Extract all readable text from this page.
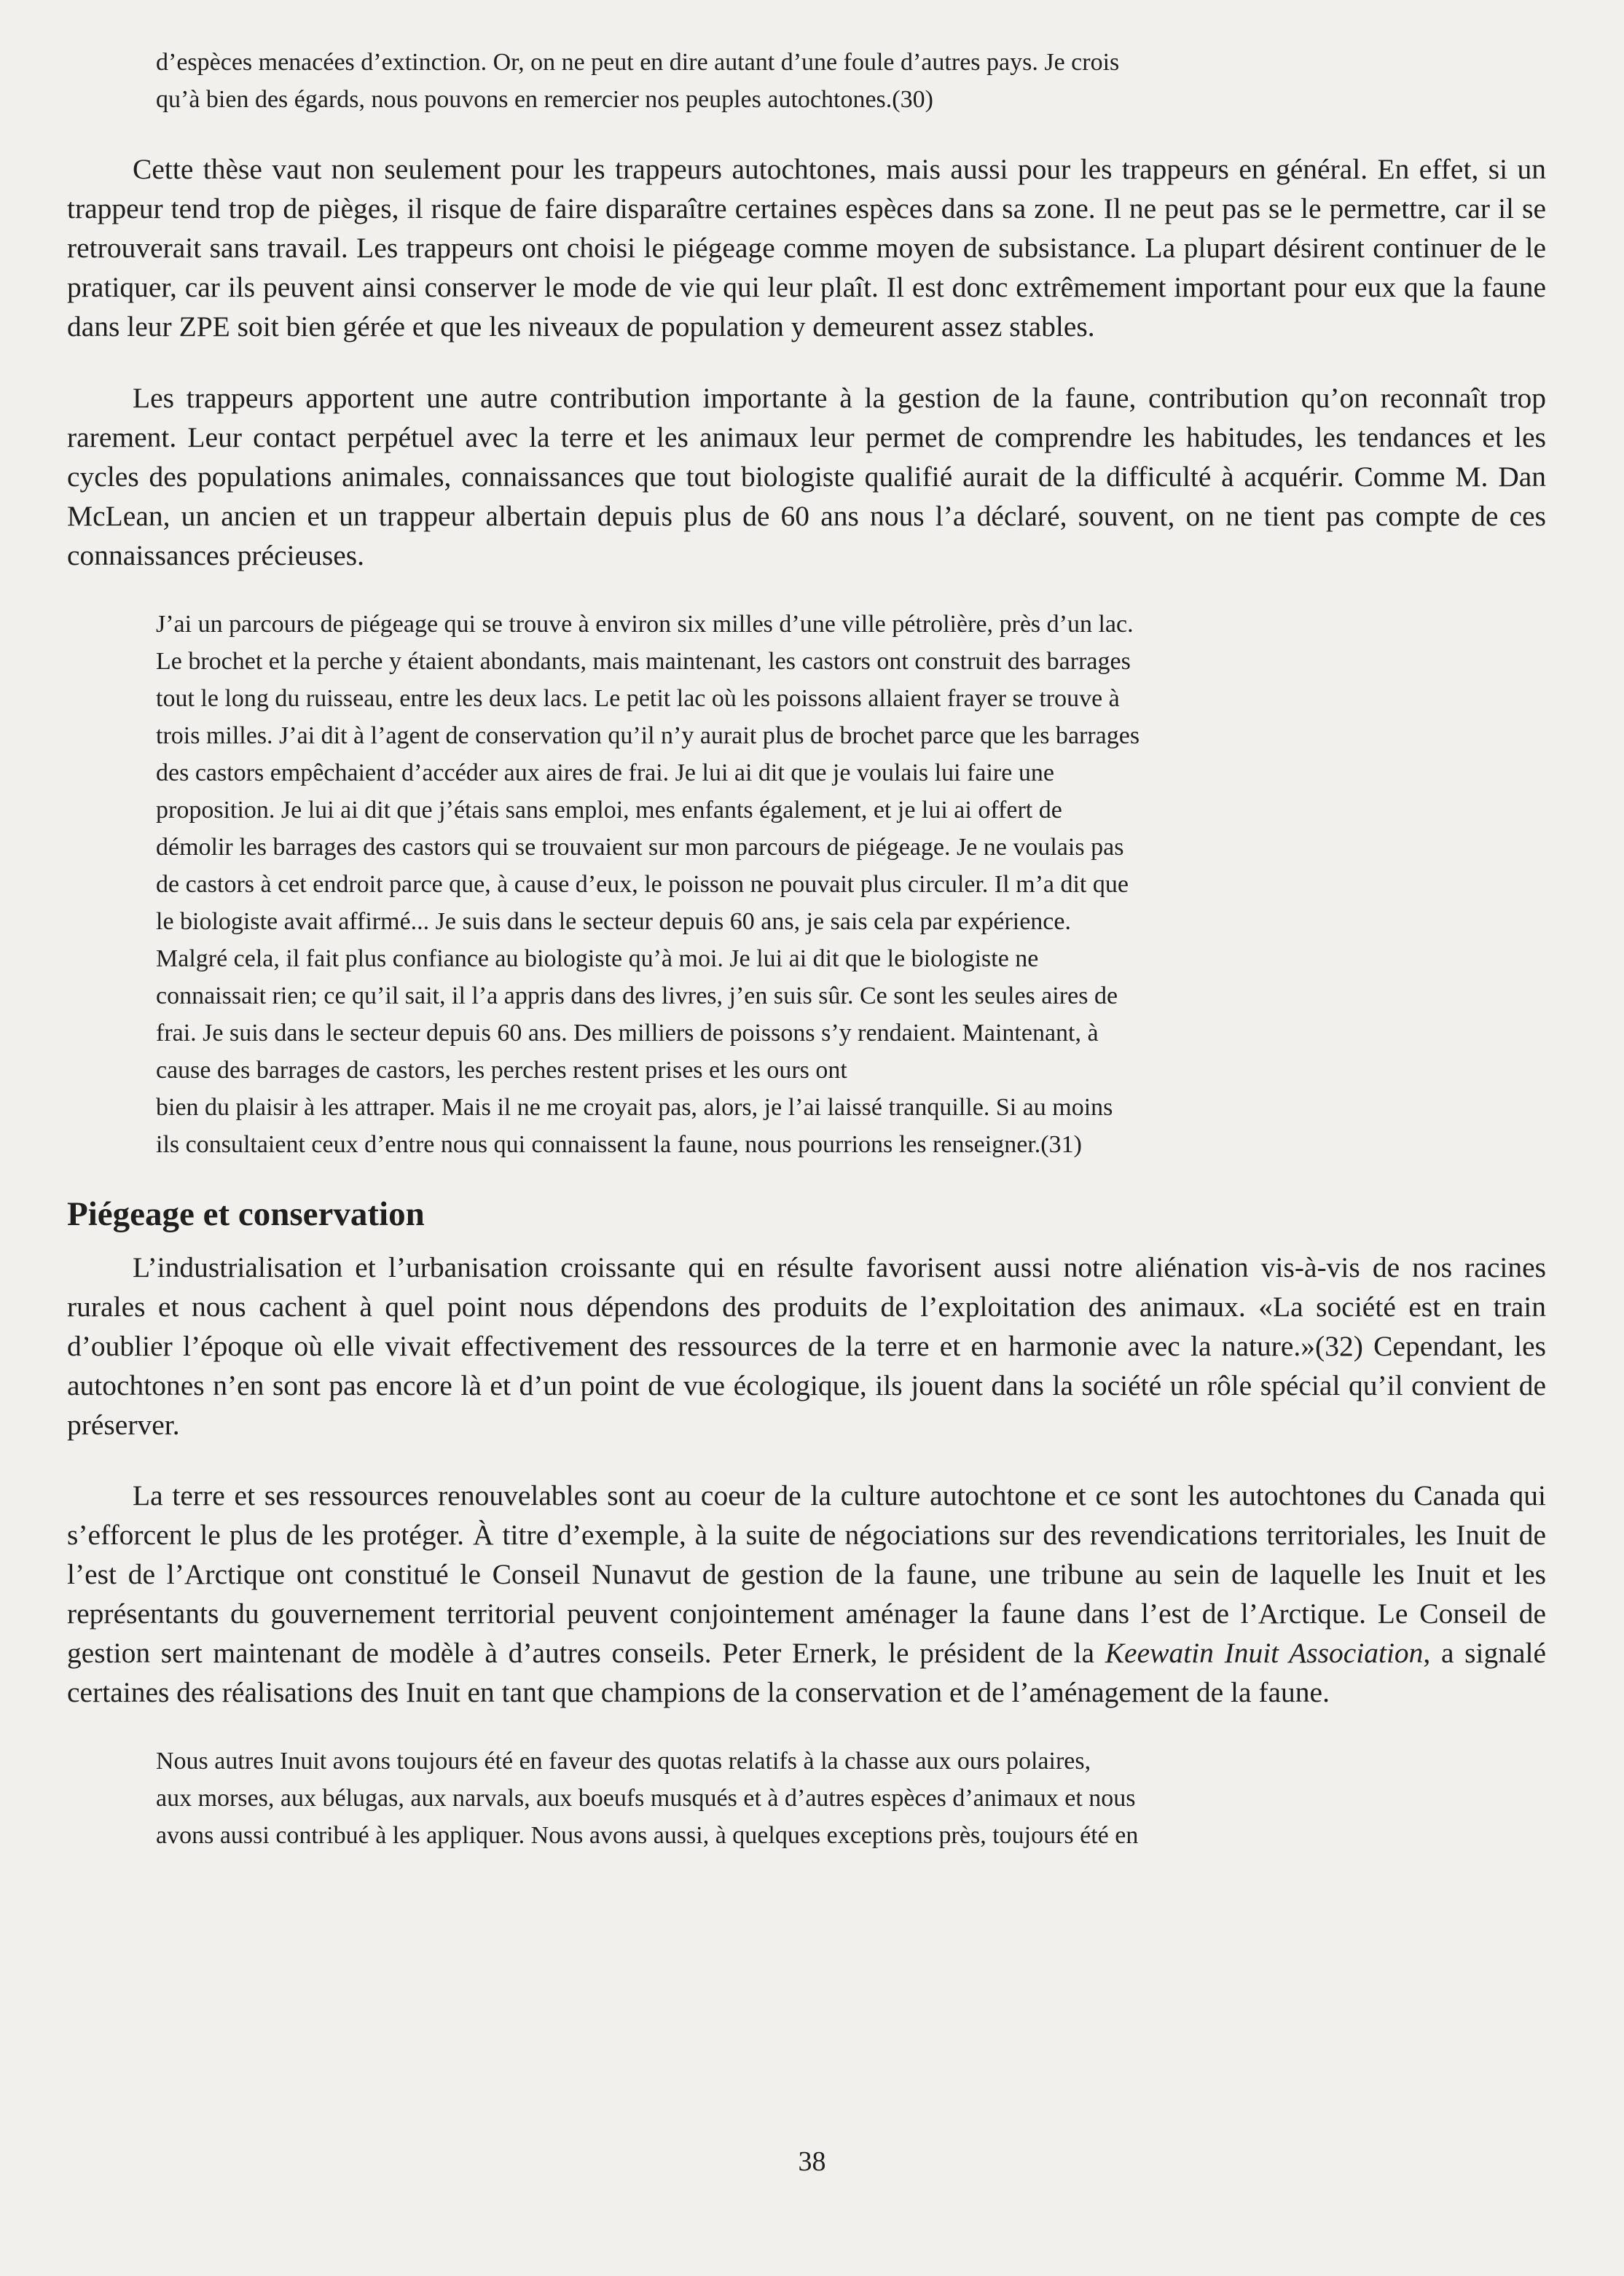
d’espèces menacées d’extinction. Or, on ne peut en dire autant d’une foule d’autres pays. Je crois
qu’à bien des égards, nous pouvons en remercier nos peuples autochtones.(30)

Cette thèse vaut non seulement pour les trappeurs autochtones, mais aussi pour les trappeurs en général. En effet, si un trappeur tend trop de pièges, il risque de faire disparaître certaines espèces dans sa zone. Il ne peut pas se le permettre, car il se retrouverait sans travail. Les trappeurs ont choisi le piégeage comme moyen de subsistance. La plupart désirent continuer de le pratiquer, car ils peuvent ainsi conserver le mode de vie qui leur plaît. Il est donc extrêmement important pour eux que la faune dans leur ZPE soit bien gérée et que les niveaux de population y demeurent assez stables.

Les trappeurs apportent une autre contribution importante à la gestion de la faune, contribution qu’on reconnaît trop rarement. Leur contact perpétuel avec la terre et les animaux leur permet de comprendre les habitudes, les tendances et les cycles des populations animales, connaissances que tout biologiste qualifié aurait de la difficulté à acquérir. Comme M. Dan McLean, un ancien et un trappeur albertain depuis plus de 60 ans nous l’a déclaré, souvent, on ne tient pas compte de ces connaissances précieuses.

J’ai un parcours de piégeage qui se trouve à environ six milles d’une ville pétrolière, près d’un lac.
Le brochet et la perche y étaient abondants, mais maintenant, les castors ont construit des barrages
tout le long du ruisseau, entre les deux lacs. Le petit lac où les poissons allaient frayer se trouve à
trois milles. J’ai dit à l’agent de conservation qu’il n’y aurait plus de brochet parce que les barrages
des castors empêchaient d’accéder aux aires de frai. Je lui ai dit que je voulais lui faire une
proposition. Je lui ai dit que j’étais sans emploi, mes enfants également, et je lui ai offert de
démolir les barrages des castors qui se trouvaient sur mon parcours de piégeage. Je ne voulais pas
de castors à cet endroit parce que, à cause d’eux, le poisson ne pouvait plus circuler. Il m’a dit que
le biologiste avait affirmé... Je suis dans le secteur depuis 60 ans, je sais cela par expérience.
Malgré cela, il fait plus confiance au biologiste qu’à moi. Je lui ai dit que le biologiste ne
connaissait rien; ce qu’il sait, il l’a appris dans des livres, j’en suis sûr. Ce sont les seules aires de
frai. Je suis dans le secteur depuis 60 ans. Des milliers de poissons s’y rendaient. Maintenant, à
cause des barrages de castors, les perches restent prises et les ours ont
bien du plaisir à les attraper. Mais il ne me croyait pas, alors, je l’ai laissé tranquille. Si au moins
ils consultaient ceux d’entre nous qui connaissent la faune, nous pourrions les renseigner.(31)
Piégeage et conservation

L’industrialisation et l’urbanisation croissante qui en résulte favorisent aussi notre aliénation vis-à-vis de nos racines rurales et nous cachent à quel point nous dépendons des produits de l’exploitation des animaux. «La société est en train d’oublier l’époque où elle vivait effectivement des ressources de la terre et en harmonie avec la nature.»(32) Cependant, les autochtones n’en sont pas encore là et d’un point de vue écologique, ils jouent dans la société un rôle spécial qu’il convient de préserver.

La terre et ses ressources renouvelables sont au coeur de la culture autochtone et ce sont les autochtones du Canada qui s’efforcent le plus de les protéger. À titre d’exemple, à la suite de négociations sur des revendications territoriales, les Inuit de l’est de l’Arctique ont constitué le Conseil Nunavut de gestion de la faune, une tribune au sein de laquelle les Inuit et les représentants du gouvernement territorial peuvent conjointement aménager la faune dans l’est de l’Arctique. Le Conseil de gestion sert maintenant de modèle à d’autres conseils. Peter Ernerk, le président de la Keewatin Inuit Association, a signalé certaines des réalisations des Inuit en tant que champions de la conservation et de l’aménagement de la faune.

Nous autres Inuit avons toujours été en faveur des quotas relatifs à la chasse aux ours polaires,
aux morses, aux bélugas, aux narvals, aux boeufs musqués et à d’autres espèces d’animaux et nous
avons aussi contribué à les appliquer. Nous avons aussi, à quelques exceptions près, toujours été en
38
